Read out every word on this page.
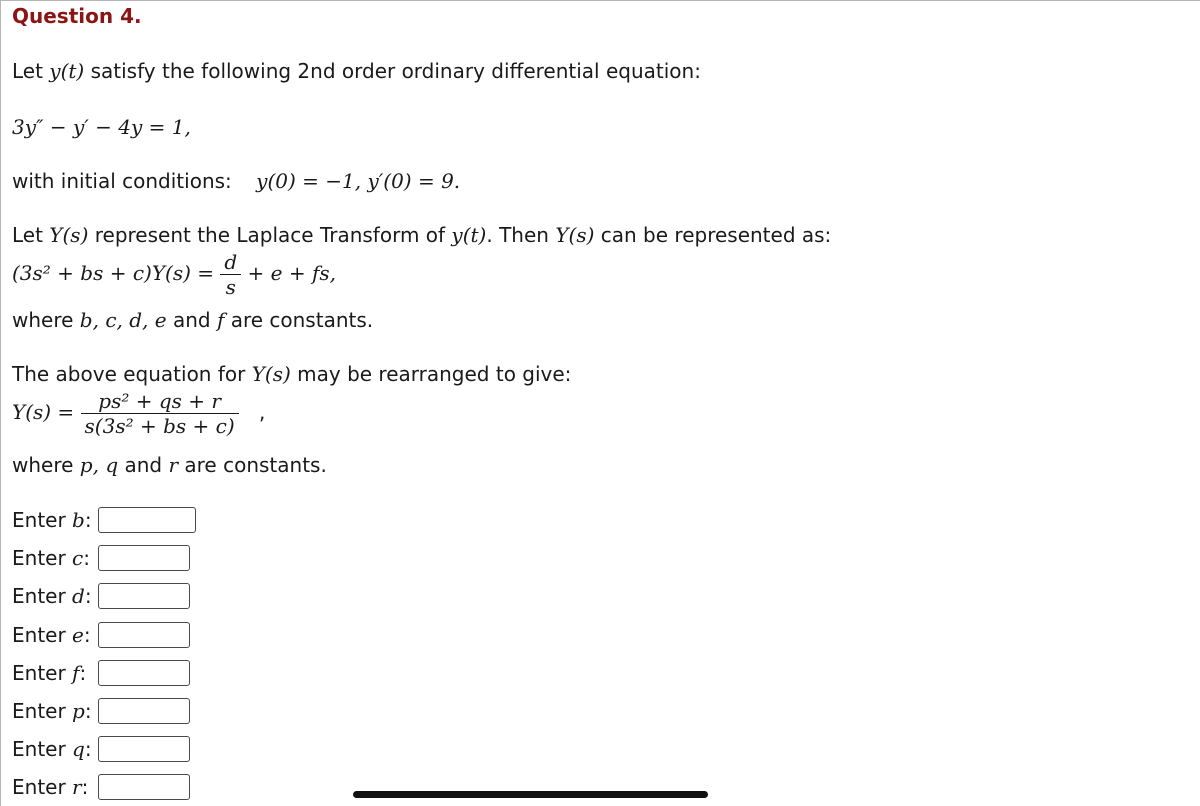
Question 4.
Let y(t) satisfy the following 2nd order ordinary differential equation:
3y″ − y′ − 4y = 1,
with initial conditions: y(0) = −1, y′(0) = 9.
Let Y(s) represent the Laplace Transform of y(t). Then Y(s) can be represented as:
(3s² + bs + $c)Y(s) = \frac{d}{s} + e$ + fs,
where b, c, d, e and f are constants.
The above equation for Y(s) may be rearranged to give:
$Y(s) = \frac{\text{ps² + qs + r}}{\text{s(3s² + bs + c)}}$ ,
where p, q and r are constants.
Enter b:
Enter c:
Enter d:
Enter e:
Enter f:
Enter p:
Enter q:
Enter r:
